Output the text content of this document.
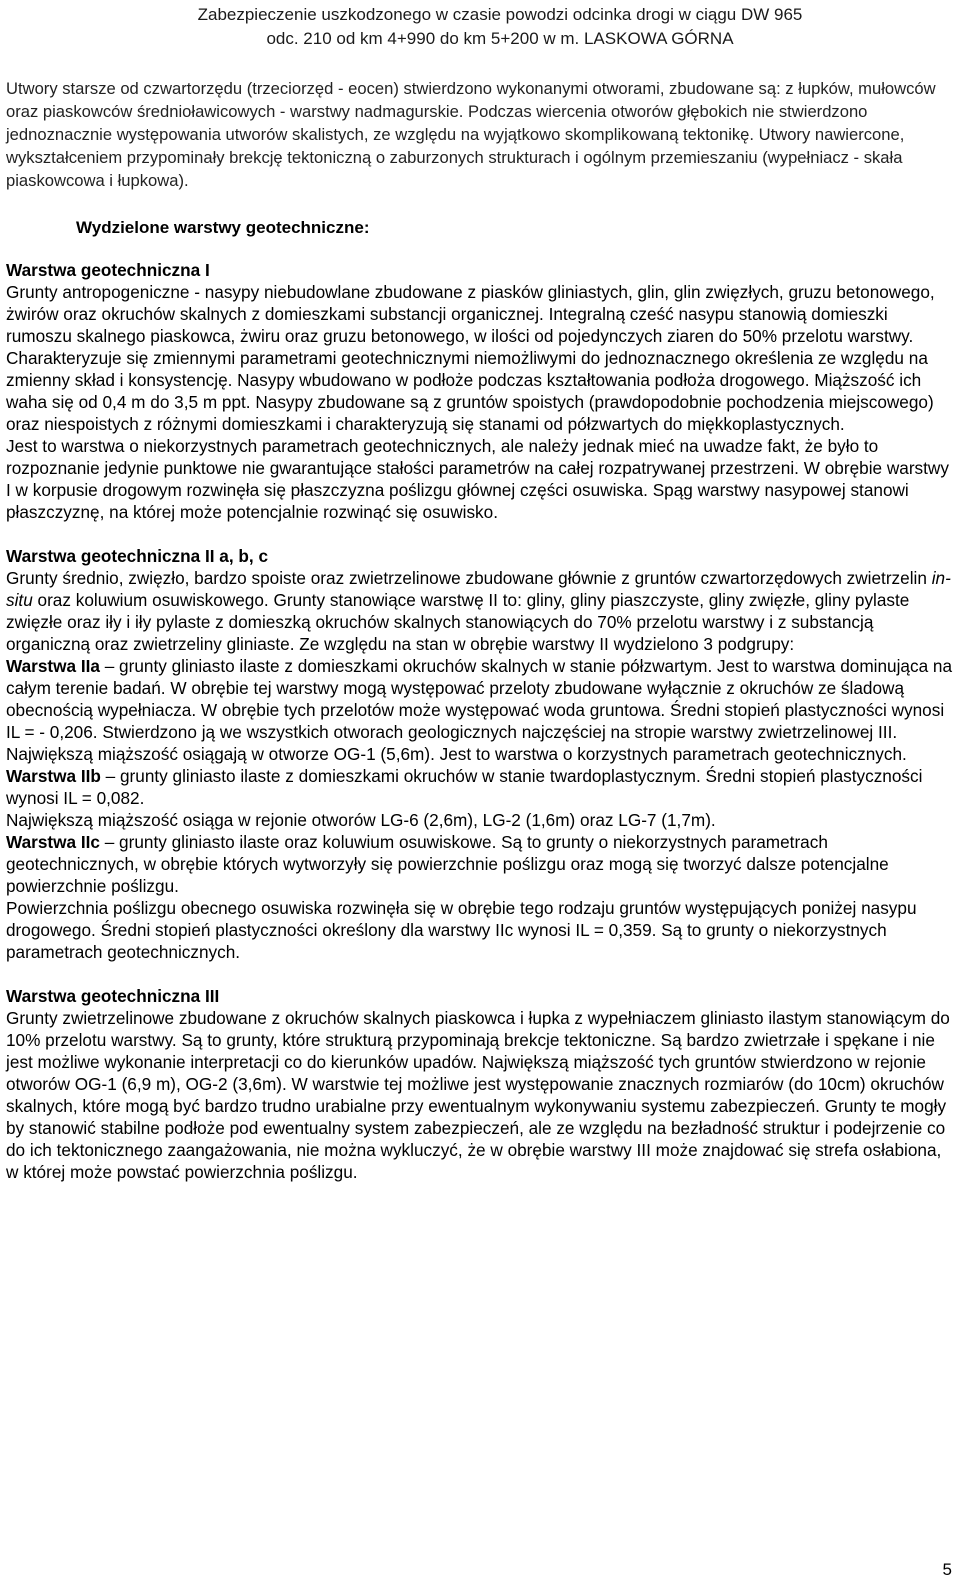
Zabezpieczenie uszkodzonego w czasie powodzi odcinka drogi w ciągu DW 965
odc. 210 od km 4+990 do km 5+200 w m. LASKOWA GÓRNA
Utwory starsze od czwartorzędu (trzeciorzęd - eocen) stwierdzono wykonanymi otworami, zbudowane są: z łupków, mułowców oraz piaskowców średnioławicowych - warstwy nadmagurskie. Podczas wiercenia otworów głębokich nie stwierdzono jednoznacznie występowania utworów skalistych, ze względu na wyjątkowo skomplikowaną tektonikę. Utwory nawiercone, wykształceniem przypominały brekcję tektoniczną o zaburzonych strukturach i ogólnym przemieszaniu (wypełniacz - skała piaskowcowa i łupkowa).
Wydzielone warstwy geotechniczne:

Warstwa geotechniczna I

Grunty antropogeniczne - nasypy niebudowlane zbudowane z piasków gliniastych, glin, glin zwięzłych, gruzu betonowego, żwirów oraz okruchów skalnych z domieszkami substancji organicznej. Integralną cześć nasypu stanowią domieszki rumoszu skalnego piaskowca, żwiru oraz gruzu betonowego, w ilości od pojedynczych ziaren do 50% przelotu warstwy.

Charakteryzuje się zmiennymi parametrami geotechnicznymi niemożliwymi do jednoznacznego określenia ze względu na zmienny skład i konsystencję. Nasypy wbudowano w podłoże podczas kształtowania podłoża drogowego. Miąższość ich waha się od 0,4 m do 3,5 m ppt. Nasypy zbudowane są z gruntów spoistych (prawdopodobnie pochodzenia miejscowego) oraz niespoistych z różnymi domieszkami i charakteryzują się stanami od półzwartych do miękkoplastycznych.

Jest to warstwa o niekorzystnych parametrach geotechnicznych, ale należy jednak mieć na uwadze fakt, że było to rozpoznanie jedynie punktowe nie gwarantujące stałości parametrów na całej rozpatrywanej przestrzeni. W obrębie warstwy I w korpusie drogowym rozwinęła się płaszczyzna poślizgu głównej części osuwiska. Spąg warstwy nasypowej stanowi płaszczyznę, na której może potencjalnie rozwinąć się osuwisko.

Warstwa geotechniczna II a, b, c

Grunty średnio, zwięzło, bardzo spoiste oraz zwietrzelinowe zbudowane głównie z gruntów czwartorzędowych zwietrzelin in-situ oraz koluwium osuwiskowego. Grunty stanowiące warstwę II to: gliny, gliny piaszczyste, gliny zwięzłe, gliny pylaste zwięzłe oraz iły i iły pylaste z domieszką okruchów skalnych stanowiących do 70% przelotu warstwy i z substancją organiczną oraz zwietrzeliny gliniaste. Ze względu na stan w obrębie warstwy II wydzielono 3 podgrupy:

Warstwa IIa – grunty gliniasto ilaste z domieszkami okruchów skalnych w stanie półzwartym. Jest to warstwa dominująca na całym terenie badań. W obrębie tej warstwy mogą występować przeloty zbudowane wyłącznie z okruchów ze śladową obecnością wypełniacza. W obrębie tych przelotów może występować woda gruntowa. Średni stopień plastyczności wynosi IL = - 0,206. Stwierdzono ją we wszystkich otworach geologicznych najczęściej na stropie warstwy zwietrzelinowej III. Największą miąższość osiągają w otworze OG-1 (5,6m). Jest to warstwa o korzystnych parametrach geotechnicznych.

Warstwa IIb – grunty gliniasto ilaste z domieszkami okruchów w stanie twardoplastycznym. Średni stopień plastyczności wynosi IL = 0,082.

Największą miąższość osiąga w rejonie otworów LG-6 (2,6m), LG-2 (1,6m) oraz LG-7 (1,7m).

Warstwa IIc – grunty gliniasto ilaste oraz koluwium osuwiskowe. Są to grunty o niekorzystnych parametrach geotechnicznych, w obrębie których wytworzyły się powierzchnie poślizgu oraz mogą się tworzyć dalsze potencjalne powierzchnie poślizgu.

Powierzchnia poślizgu obecnego osuwiska rozwinęła się w obrębie tego rodzaju gruntów występujących poniżej nasypu drogowego. Średni stopień plastyczności określony dla warstwy IIc wynosi IL = 0,359. Są to grunty o niekorzystnych parametrach geotechnicznych.

Warstwa geotechniczna III

Grunty zwietrzelinowe zbudowane z okruchów skalnych piaskowca i łupka z wypełniaczem gliniasto ilastym stanowiącym do 10% przelotu warstwy. Są to grunty, które strukturą przypominają brekcje tektoniczne. Są bardzo zwietrzałe i spękane i nie jest możliwe wykonanie interpretacji co do kierunków upadów. Największą miąższość tych gruntów stwierdzono w rejonie otworów OG-1 (6,9 m), OG-2 (3,6m). W warstwie tej możliwe jest występowanie znacznych rozmiarów (do 10cm) okruchów skalnych, które mogą być bardzo trudno urabialne przy ewentualnym wykonywaniu systemu zabezpieczeń. Grunty te mogły by stanowić stabilne podłoże pod ewentualny system zabezpieczeń, ale ze względu na bezładność struktur i podejrzenie co do ich tektonicznego zaangażowania, nie można wykluczyć, że w obrębie warstwy III może znajdować się strefa osłabiona, w której może powstać powierzchnia poślizgu.

5
